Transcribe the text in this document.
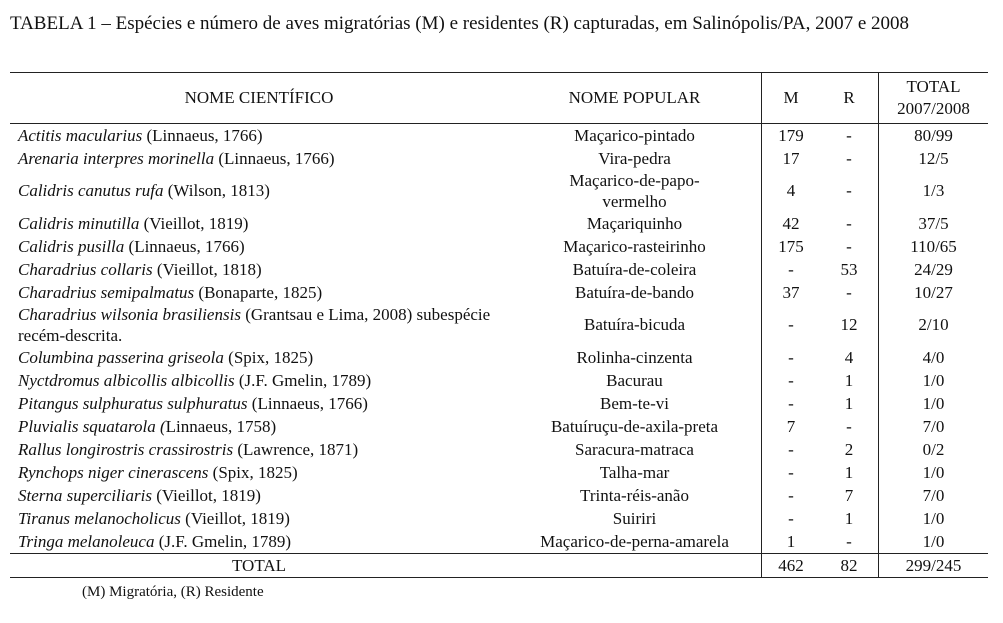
TABELA 1 – Espécies e número de aves migratórias (M) e residentes (R) capturadas, em Salinópolis/PA, 2007 e 2008
NOME CIENTÍFICO	NOME POPULAR	M	R	TOTAL
2007/2008

Actitis macularius (Linnaeus, 1766)	Maçarico-pintado	179	-	80/99
Arenaria interpres morinella (Linnaeus, 1766)	Vira-pedra	17	-	12/5
Calidris canutus rufa (Wilson, 1813)	Maçarico-de-papo-vermelho	4	-	1/3
Calidris minutilla (Vieillot, 1819)	Maçariquinho	42	-	37/5
Calidris pusilla (Linnaeus, 1766)	Maçarico-rasteirinho	175	-	110/65
Charadrius collaris (Vieillot, 1818)	Batuíra-de-coleira	-	53	24/29
Charadrius semipalmatus (Bonaparte, 1825)	Batuíra-de-bando	37	-	10/27
Charadrius wilsonia brasiliensis (Grantsau e Lima, 2008) subespécie recém-descrita.	Batuíra-bicuda	-	12	2/10
Columbina passerina griseola (Spix, 1825)	Rolinha-cinzenta	-	4	4/0
Nyctdromus albicollis albicollis (J.F. Gmelin, 1789)	Bacurau	-	1	1/0
Pitangus sulphuratus sulphuratus (Linnaeus, 1766)	Bem-te-vi	-	1	1/0
Pluvialis squatarola (Linnaeus, 1758)	Batuíruçu-de-axila-preta	7	-	7/0
Rallus longirostris crassirostris (Lawrence, 1871)	Saracura-matraca	-	2	0/2
Rynchops niger cinerascens (Spix, 1825)	Talha-mar	-	1	1/0
Sterna superciliaris (Vieillot, 1819)	Trinta-réis-anão	-	7	7/0
Tiranus melanocholicus (Vieillot, 1819)	Suiriri	-	1	1/0
Tringa melanoleuca (J.F. Gmelin, 1789)	Maçarico-de-perna-amarela	1	-	1/0
TOTAL		462	82	299/245
(M) Migratória, (R) Residente
